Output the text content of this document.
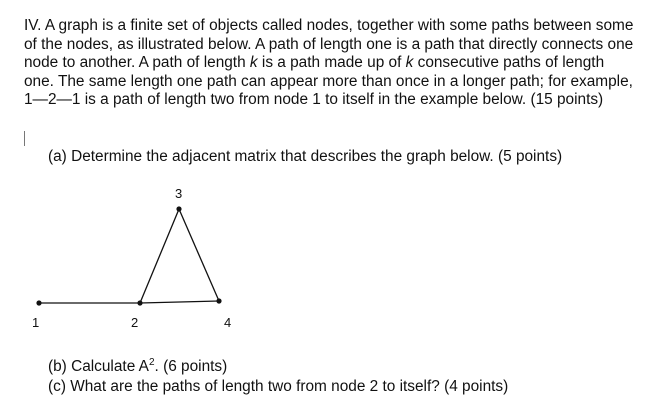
IV. A graph is a finite set of objects called nodes, together with some paths between some of the nodes, as illustrated below. A path of length one is a path that directly connects one node to another. A path of length k is a path made up of k consecutive paths of length one. The same length one path can appear more than once in a longer path; for example, 1—2—1 is a path of length two from node 1 to itself in the example below. (15 points)

(a) Determine the adjacent matrix that describes the graph below. (5 points)
1	2
3
4
(b) Calculate $A^2$. (6 points)
(c) What are the paths of length two from node 2 to itself? (4 points)
